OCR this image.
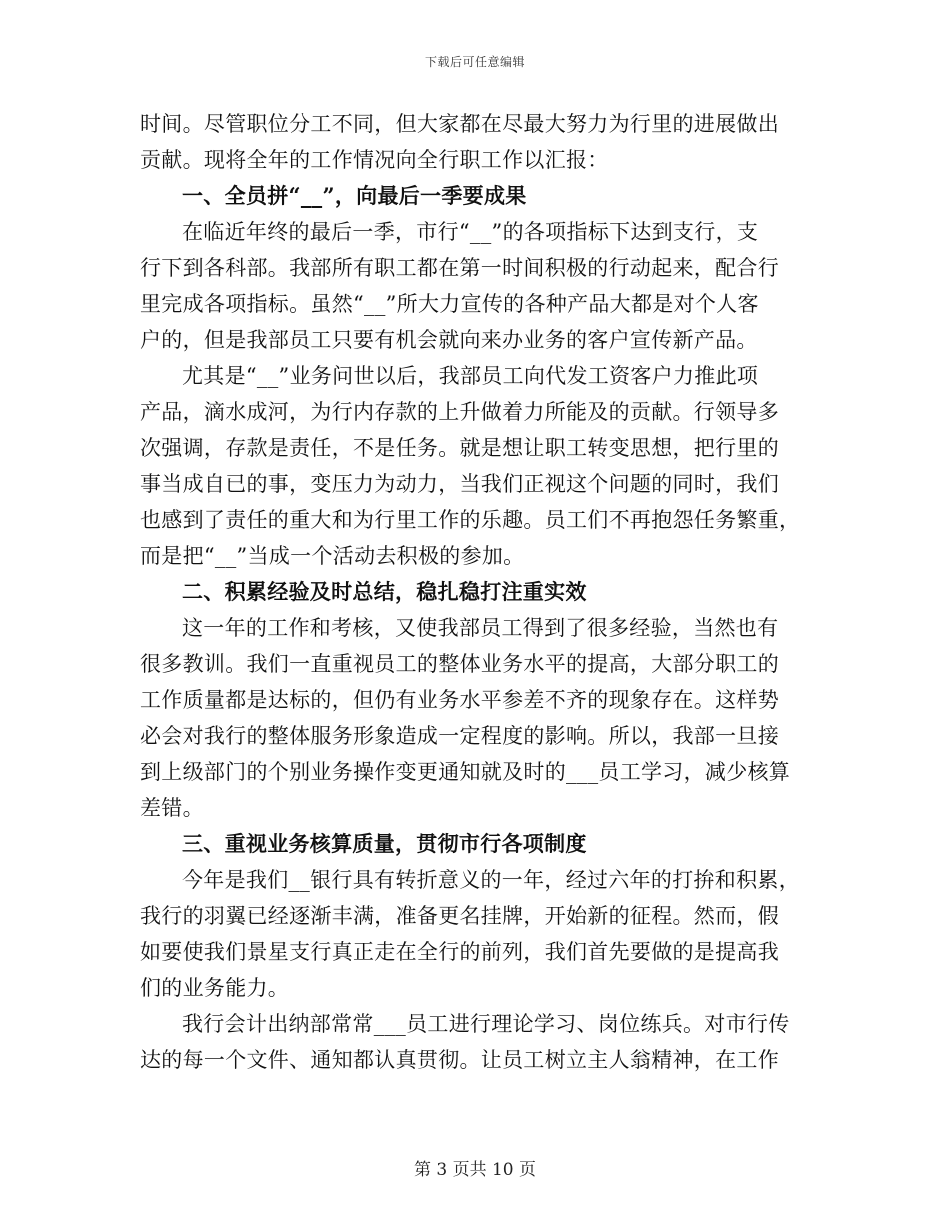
下载后可任意编辑
时间。尽管职位分工不同，但大家都在尽最大努力为行里的进展做出
贡献。现将全年的工作情况向全行职工作以汇报：
一、全员拼“__”，向最后一季要成果
在临近年终的最后一季，市行“__”的各项指标下达到支行，支
行下到各科部。我部所有职工都在第一时间积极的行动起来，配合行
里完成各项指标。虽然“__”所大力宣传的各种产品大都是对个人客
户的，但是我部员工只要有机会就向来办业务的客户宣传新产品。
尤其是“__”业务问世以后，我部员工向代发工资客户力推此项
产品，滴水成河，为行内存款的上升做着力所能及的贡献。行领导多
次强调，存款是责任，不是任务。就是想让职工转变思想，把行里的
事当成自已的事，变压力为动力，当我们正视这个问题的同时，我们
也感到了责任的重大和为行里工作的乐趣。员工们不再抱怨任务繁重，
而是把“__”当成一个活动去积极的参加。
二、积累经验及时总结，稳扎稳打注重实效
这一年的工作和考核，又使我部员工得到了很多经验，当然也有
很多教训。我们一直重视员工的整体业务水平的提高，大部分职工的
工作质量都是达标的，但仍有业务水平参差不齐的现象存在。这样势
必会对我行的整体服务形象造成一定程度的影响。所以，我部一旦接
到上级部门的个别业务操作变更通知就及时的___员工学习，减少核算
差错。
三、重视业务核算质量，贯彻市行各项制度
今年是我们__银行具有转折意义的一年，经过六年的打拚和积累，
我行的羽翼已经逐渐丰满，准备更名挂牌，开始新的征程。然而，假
如要使我们景星支行真正走在全行的前列，我们首先要做的是提高我
们的业务能力。
我行会计出纳部常常___员工进行理论学习、岗位练兵。对市行传
达的每一个文件、通知都认真贯彻。让员工树立主人翁精神，在工作
第 3 页共 10 页
